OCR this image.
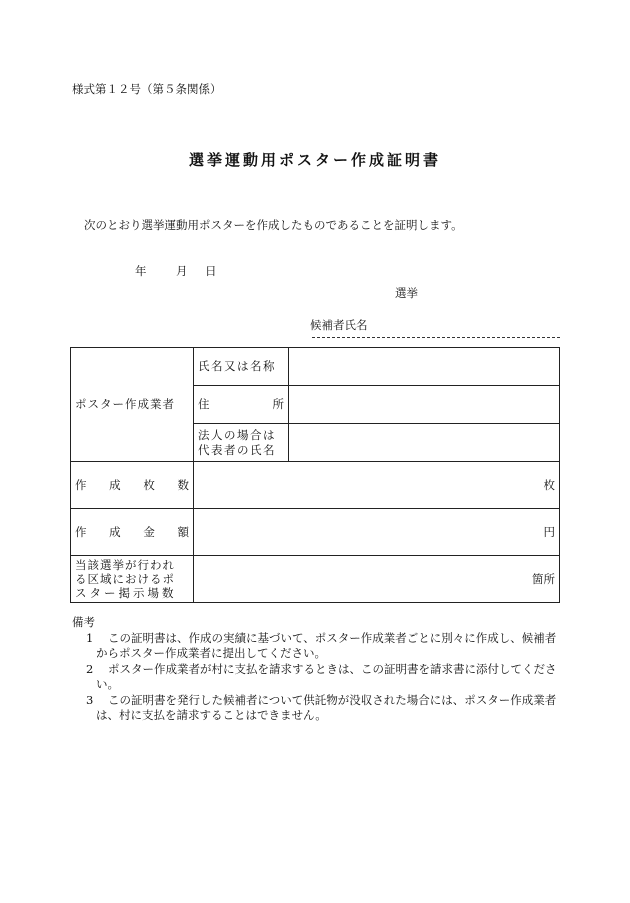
様式第１２号（第５条関係）
選挙運動用ポスター作成証明書
次のとおり選挙運動用ポスターを作成したものであることを証明します。
年	月 日
選挙
候補者氏名
ポスター作成業者	氏名又は名称	

	住 所	

	法人の場合は
代表者の氏名	

作 成 枚 数	枚	

作 成 金 額	円	

当該選挙が行われ
る区域におけるポ
スター掲示場数	箇所	
備考
1 この証明書は、作成の実績に基づいて、ポスター作成業者ごとに別々に作成し、候補者からポスター作成業者に提出してください。
2 ポスター作成業者が村に支払を請求するときは、この証明書を請求書に添付してください。
3 この証明書を発行した候補者について供託物が没収された場合には、ポスター作成業者は、村に支払を請求することはできません。
